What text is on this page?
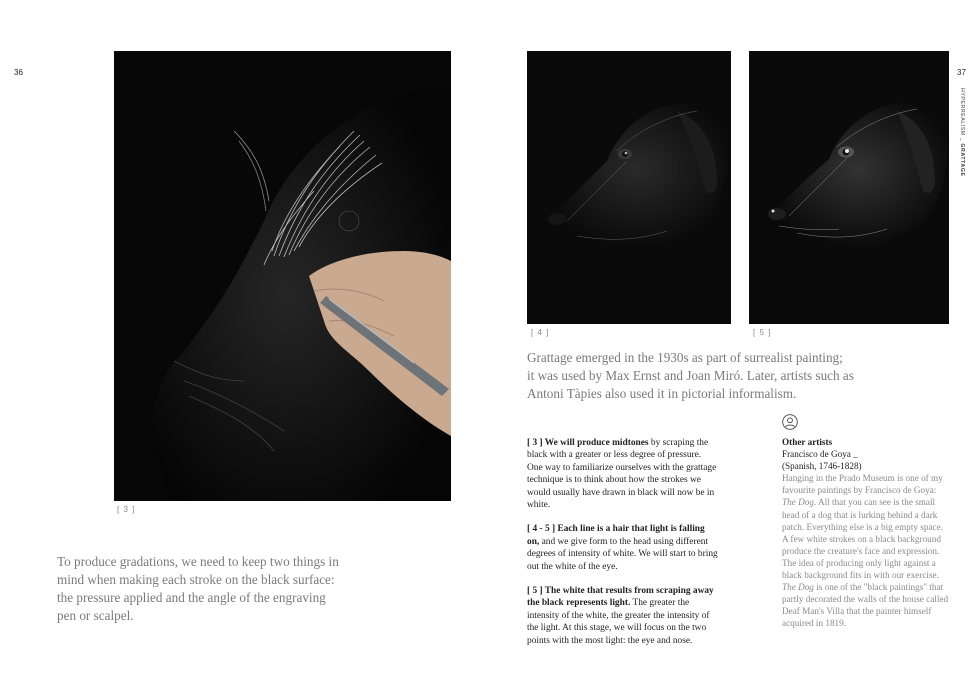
36	37
HYPERREALISM _ GRATTAGE
[ 3 ]
[ 4 ]	[ 5 ]
To produce gradations, we need to keep two things in
mind when making each stroke on the black surface:
the pressure applied and the angle of the engraving
pen or scalpel.
Grattage emerged in the 1930s as part of surrealist painting;
it was used by Max Ernst and Joan Miró. Later, artists such as
Antoni Tàpies also used it in pictorial informalism.

[ 3 ] We will produce midtones by scraping the black with a greater or less degree of pressure. One way to familiarize ourselves with the grattage technique is to think about how the strokes we would usually have drawn in black will now be in white.

[ 4 - 5 ] Each line is a hair that light is falling on, and we give form to the head using different degrees of intensity of white. We will start to bring out the white of the eye.

[ 5 ] The white that results from scraping away the black represents light. The greater the intensity of the white, the greater the intensity of the light. At this stage, we will focus on the two points with the most light: the eye and nose.

Other artists
Francisco de Goya _
(Spanish, 1746-1828)
Hanging in the Prado Museum is one of my favourite paintings by Francisco de Goya: The Dog. All that you can see is the small head of a dog that is lurking behind a dark patch. Everything else is a big empty space. A few white strokes on a black background produce the creature's face and expression. The idea of producing only light against a black background fits in with our exercise. The Dog is one of the "black paintings" that partly decorated the walls of the house called Deaf Man's Villa that the painter himself acquired in 1819.
